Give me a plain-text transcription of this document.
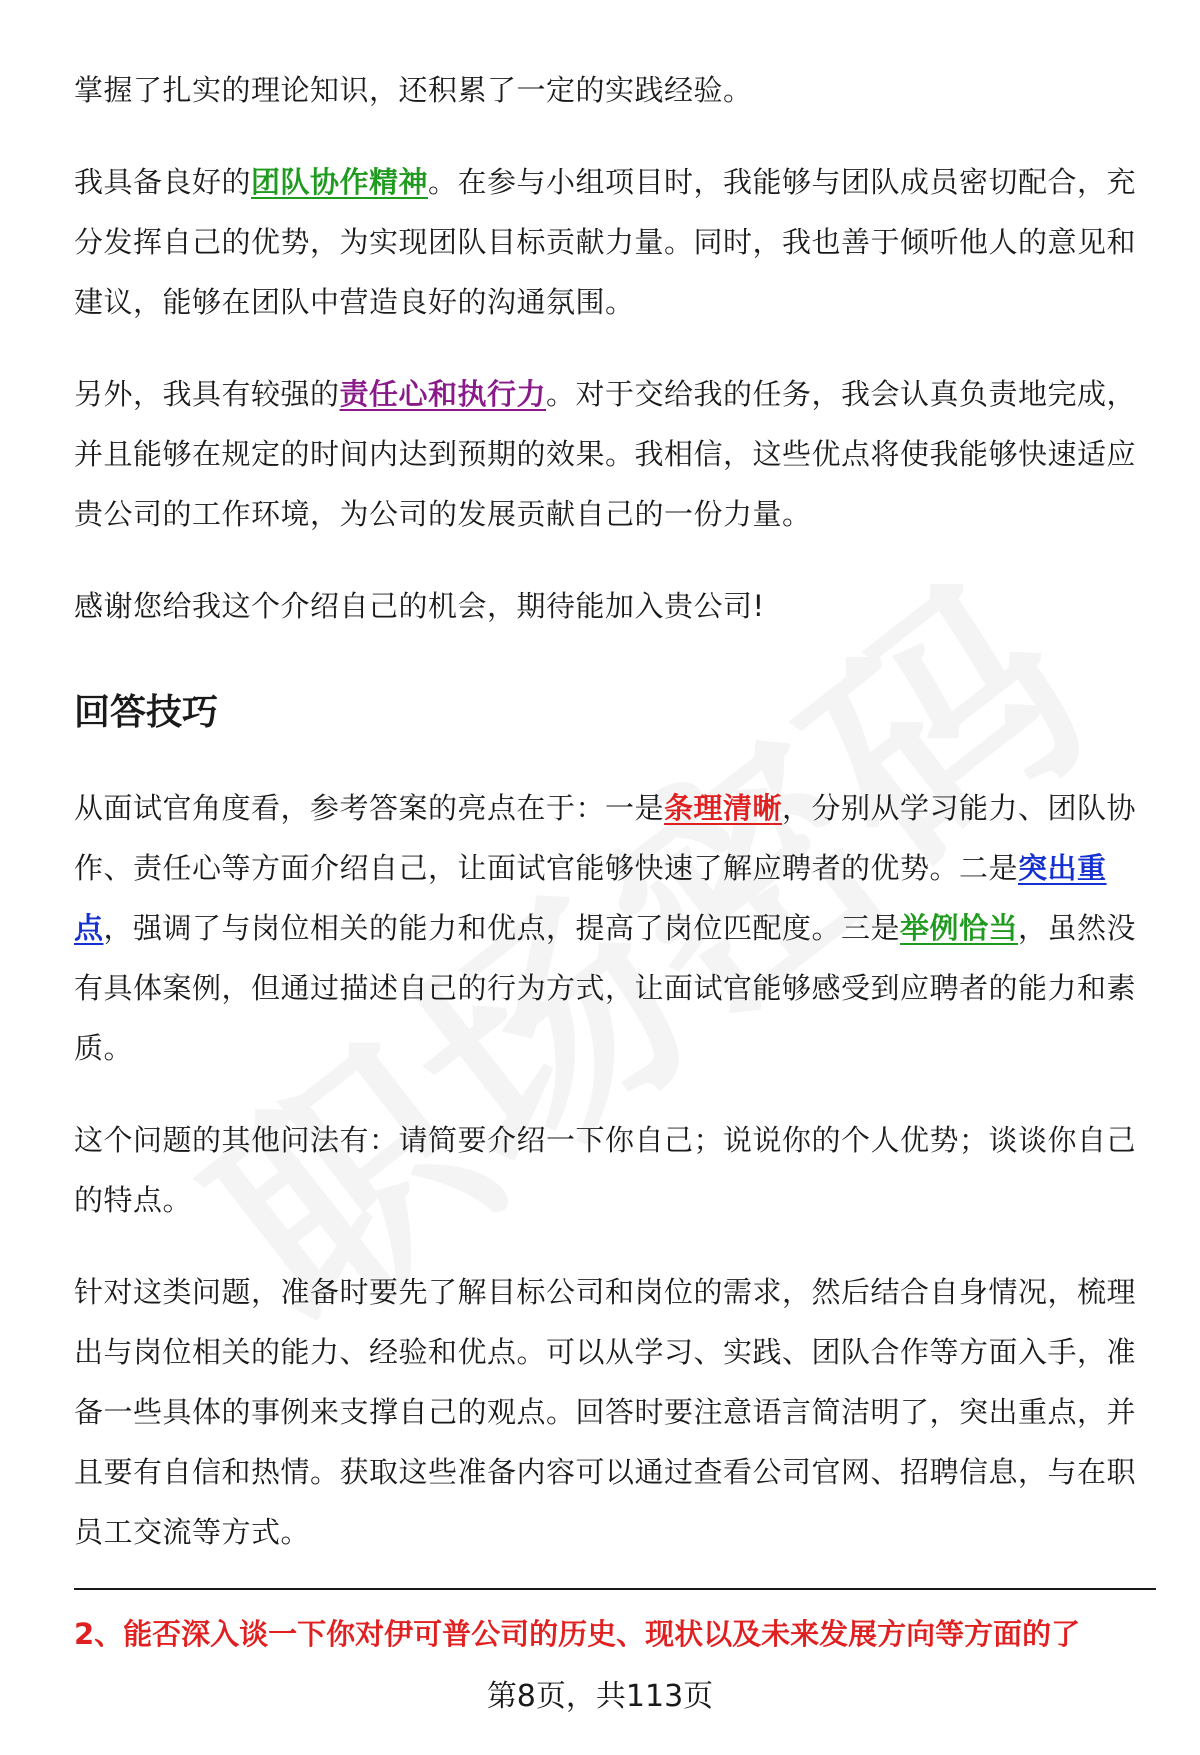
掌握了扎实的理论知识，还积累了一定的实践经验。
我具备良好的团队协作精神。在参与小组项目时，我能够与团队成员密切配合，充分发挥自己的优势，为实现团队目标贡献力量。同时，我也善于倾听他人的意见和建议，能够在团队中营造良好的沟通氛围。
另外，我具有较强的责任心和执行力。对于交给我的任务，我会认真负责地完成，并且能够在规定的时间内达到预期的效果。我相信，这些优点将使我能够快速适应贵公司的工作环境，为公司的发展贡献自己的一份力量。
感谢您给我这个介绍自己的机会，期待能加入贵公司!
回答技巧
从面试官角度看，参考答案的亮点在于：一是条理清晰，分别从学习能力、团队协作、责任心等方面介绍自己，让面试官能够快速了解应聘者的优势。二是突出重点，强调了与岗位相关的能力和优点，提高了岗位匹配度。三是举例恰当，虽然没有具体案例，但通过描述自己的行为方式，让面试官能够感受到应聘者的能力和素质。
这个问题的其他问法有：请简要介绍一下你自己；说说你的个人优势；谈谈你自己的特点。
针对这类问题，准备时要先了解目标公司和岗位的需求，然后结合自身情况，梳理出与岗位相关的能力、经验和优点。可以从学习、实践、团队合作等方面入手，准备一些具体的事例来支撑自己的观点。回答时要注意语言简洁明了，突出重点，并且要有自信和热情。获取这些准备内容可以通过查看公司官网、招聘信息，与在职员工交流等方式。
2、能否深入谈一下你对伊可普公司的历史、现状以及未来发展方向等方面的了
第8页，共113页
